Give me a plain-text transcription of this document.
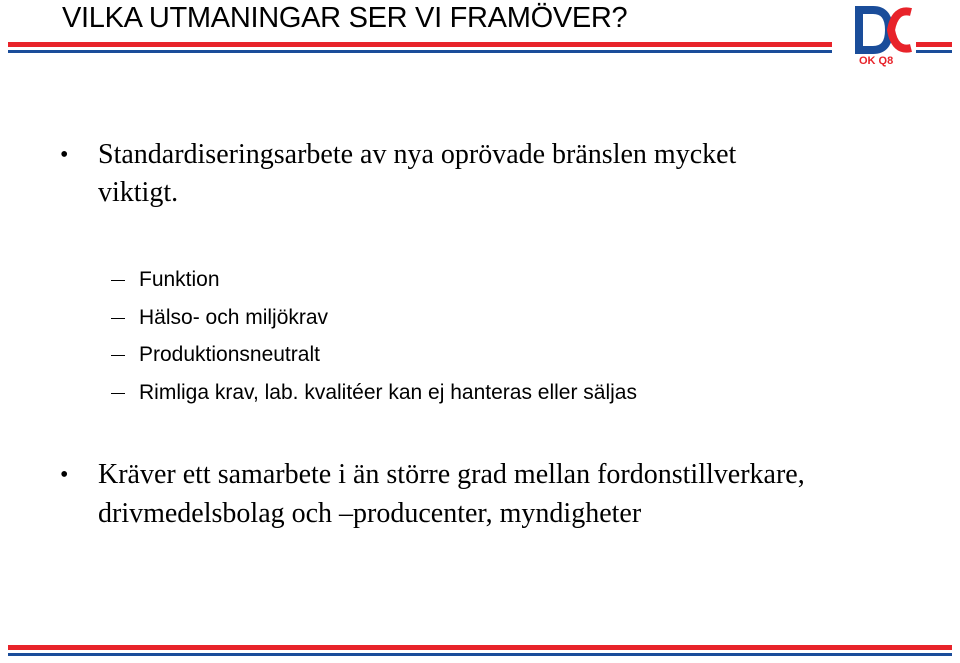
VILKA UTMANINGAR SER VI FRAMÖVER?
OK Q8
• Standardiseringsarbete av nya oprövade bränslen mycket
viktigt.
Funktion
Hälso- och miljökrav
Produktionsneutralt
Rimliga krav, lab. kvalitéer kan ej hanteras eller säljas
• Kräver ett samarbete i än större grad mellan fordonstillverkare,
drivmedelsbolag och –producenter, myndigheter
